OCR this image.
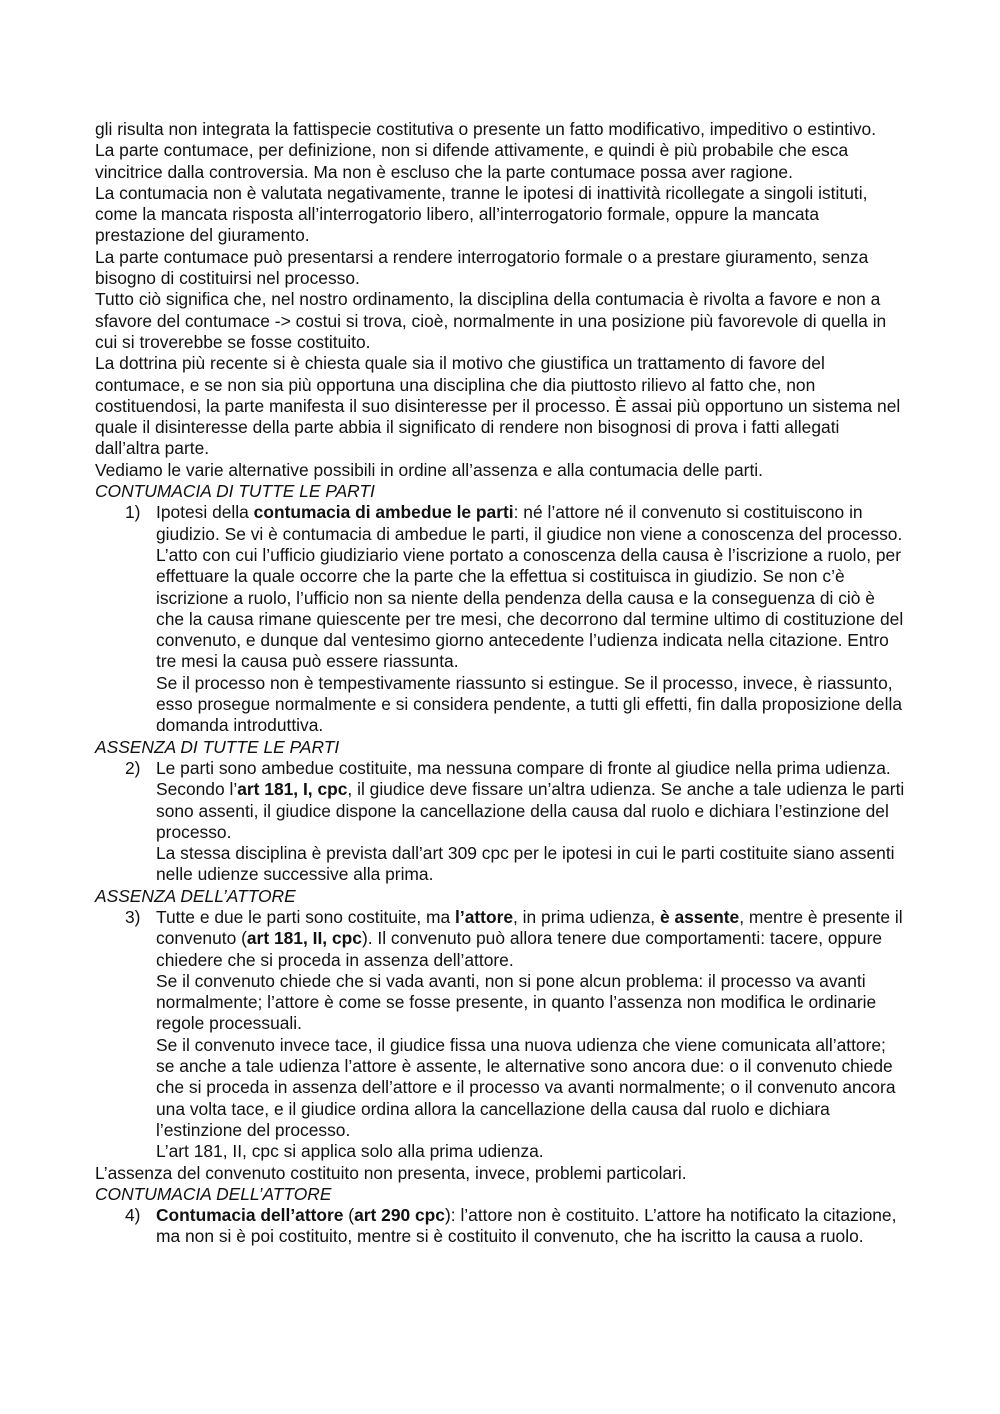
gli risulta non integrata la fattispecie costitutiva o presente un fatto modificativo, impeditivo o estintivo.

La parte contumace, per definizione, non si difende attivamente, e quindi è più probabile che esca vincitrice dalla controversia. Ma non è escluso che la parte contumace possa aver ragione.

La contumacia non è valutata negativamente, tranne le ipotesi di inattività ricollegate a singoli istituti, come la mancata risposta all’interrogatorio libero, all’interrogatorio formale, oppure la mancata prestazione del giuramento.

La parte contumace può presentarsi a rendere interrogatorio formale o a prestare giuramento, senza bisogno di costituirsi nel processo.

Tutto ciò significa che, nel nostro ordinamento, la disciplina della contumacia è rivolta a favore e non a sfavore del contumace -> costui si trova, cioè, normalmente in una posizione più favorevole di quella in cui si troverebbe se fosse costituito.

La dottrina più recente si è chiesta quale sia il motivo che giustifica un trattamento di favore del contumace, e se non sia più opportuna una disciplina che dia piuttosto rilievo al fatto che, non costituendosi, la parte manifesta il suo disinteresse per il processo. È assai più opportuno un sistema nel quale il disinteresse della parte abbia il significato di rendere non bisognosi di prova i fatti allegati dall’altra parte.

Vediamo le varie alternative possibili in ordine all’assenza e alla contumacia delle parti.

CONTUMACIA DI TUTTE LE PARTI

1) Ipotesi della contumacia di ambedue le parti: né l’attore né il convenuto si costituiscono in giudizio. Se vi è contumacia di ambedue le parti, il giudice non viene a conoscenza del processo. L’atto con cui l’ufficio giudiziario viene portato a conoscenza della causa è l’iscrizione a ruolo, per effettuare la quale occorre che la parte che la effettua si costituisca in giudizio. Se non c’è iscrizione a ruolo, l’ufficio non sa niente della pendenza della causa e la conseguenza di ciò è che la causa rimane quiescente per tre mesi, che decorrono dal termine ultimo di costituzione del convenuto, e dunque dal ventesimo giorno antecedente l’udienza indicata nella citazione. Entro tre mesi la causa può essere riassunta.

Se il processo non è tempestivamente riassunto si estingue. Se il processo, invece, è riassunto, esso prosegue normalmente e si considera pendente, a tutti gli effetti, fin dalla proposizione della domanda introduttiva.

ASSENZA DI TUTTE LE PARTI

2) Le parti sono ambedue costituite, ma nessuna compare di fronte al giudice nella prima udienza.

Secondo l’art 181, I, cpc, il giudice deve fissare un’altra udienza. Se anche a tale udienza le parti sono assenti, il giudice dispone la cancellazione della causa dal ruolo e dichiara l’estinzione del processo.

La stessa disciplina è prevista dall’art 309 cpc per le ipotesi in cui le parti costituite siano assenti nelle udienze successive alla prima.

ASSENZA DELL’ATTORE

3) Tutte e due le parti sono costituite, ma l’attore, in prima udienza, è assente, mentre è presente il convenuto (art 181, II, cpc). Il convenuto può allora tenere due comportamenti: tacere, oppure chiedere che si proceda in assenza dell’attore.

Se il convenuto chiede che si vada avanti, non si pone alcun problema: il processo va avanti normalmente; l’attore è come se fosse presente, in quanto l’assenza non modifica le ordinarie regole processuali.

Se il convenuto invece tace, il giudice fissa una nuova udienza che viene comunicata all’attore; se anche a tale udienza l’attore è assente, le alternative sono ancora due: o il convenuto chiede che si proceda in assenza dell’attore e il processo va avanti normalmente; o il convenuto ancora una volta tace, e il giudice ordina allora la cancellazione della causa dal ruolo e dichiara l’estinzione del processo.

L’art 181, II, cpc si applica solo alla prima udienza.

L’assenza del convenuto costituito non presenta, invece, problemi particolari.

CONTUMACIA DELL’ATTORE

4) Contumacia dell’attore (art 290 cpc): l’attore non è costituito. L’attore ha notificato la citazione, ma non si è poi costituito, mentre si è costituito il convenuto, che ha iscritto la causa a ruolo.
